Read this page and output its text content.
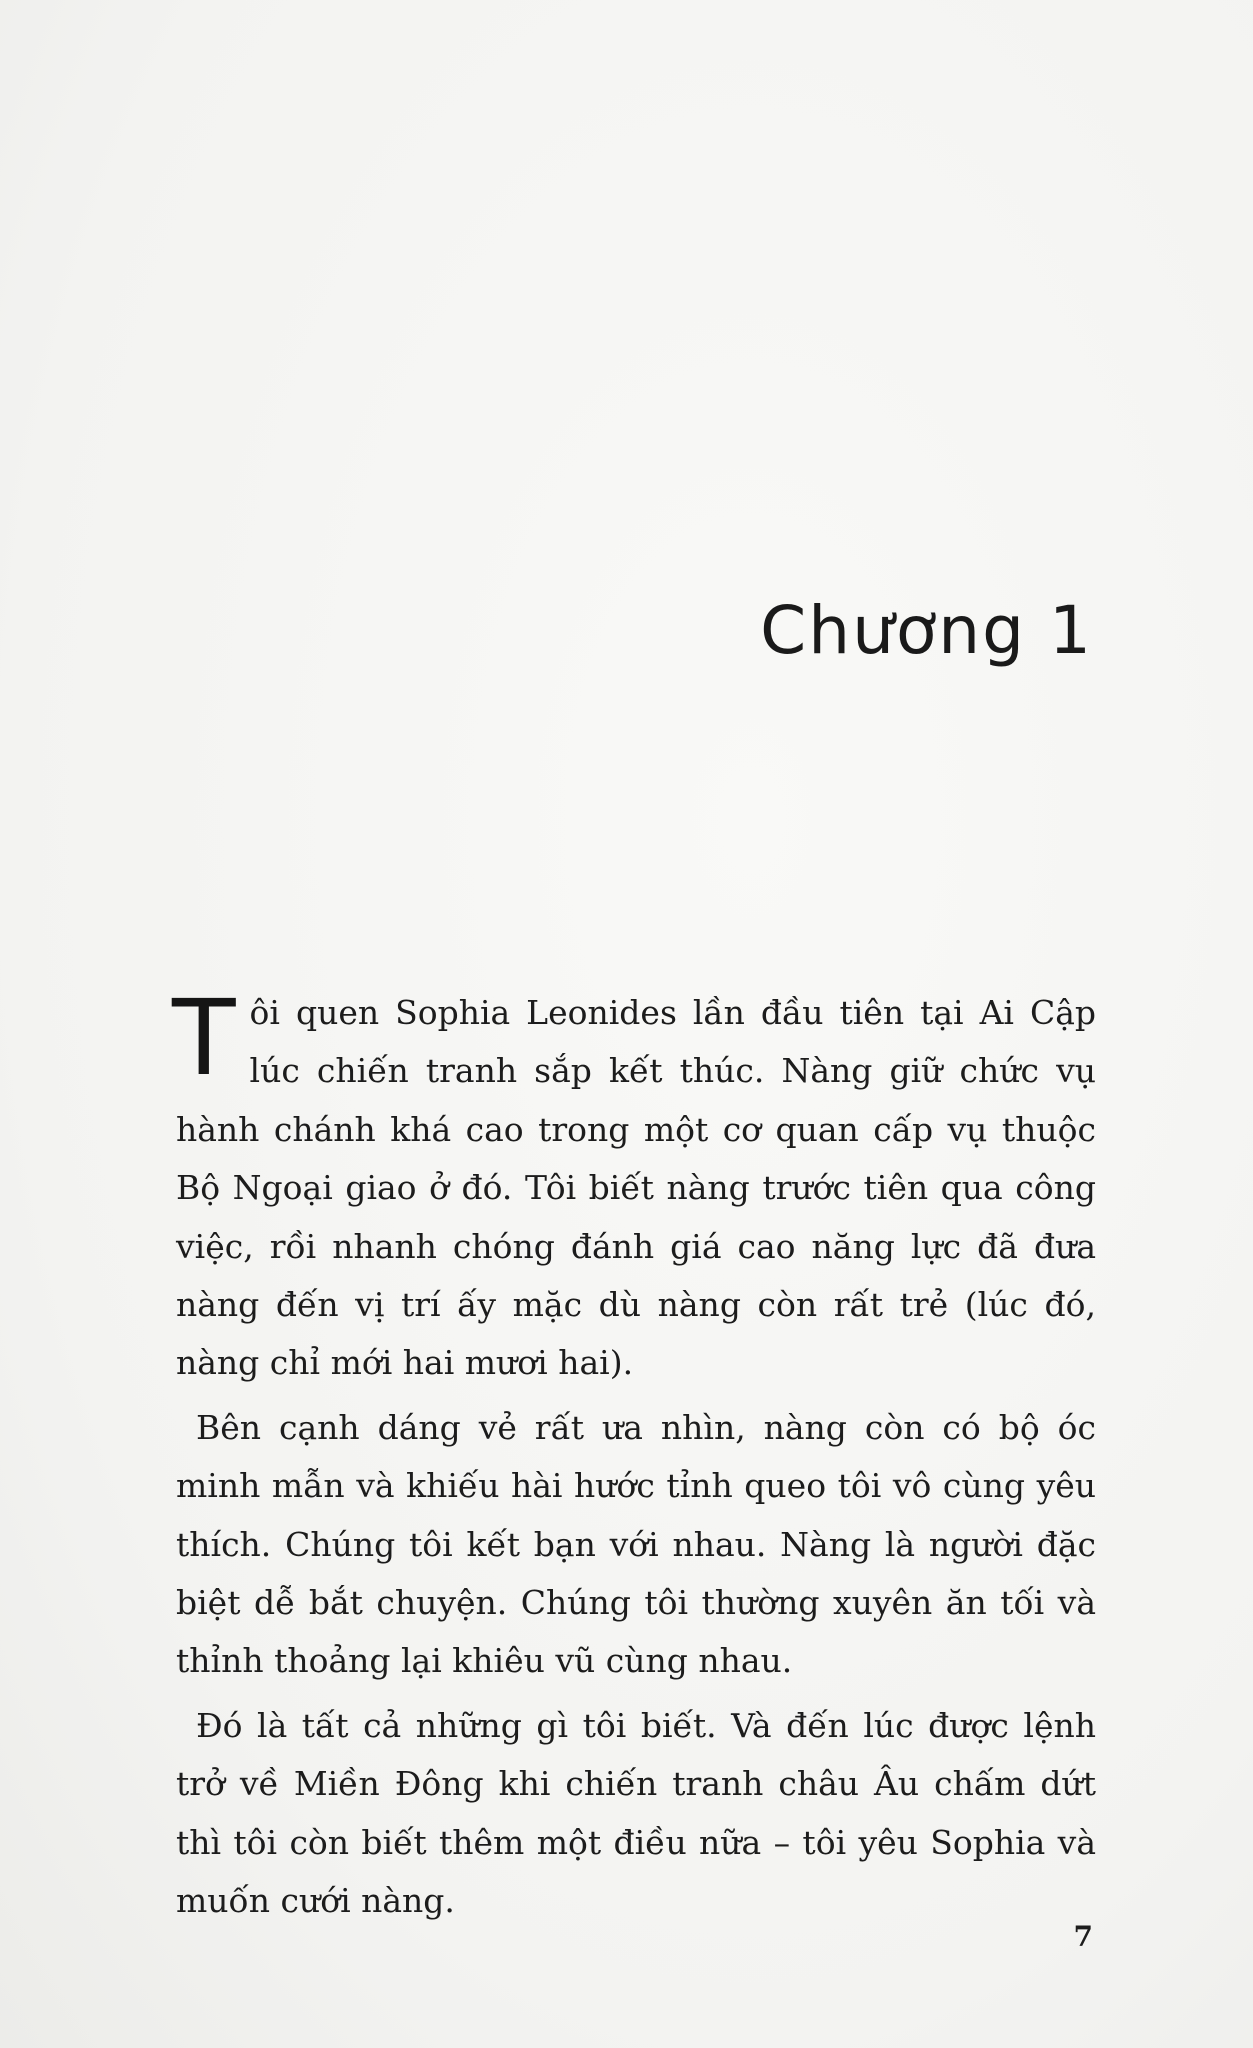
Chương 1

Tôi quen Sophia Leonides lần đầu tiên tại Ai Cập lúc chiến tranh sắp kết thúc. Nàng giữ chức vụ hành chánh khá cao trong một cơ quan cấp vụ thuộc Bộ Ngoại giao ở đó. Tôi biết nàng trước tiên qua công việc, rồi nhanh chóng đánh giá cao năng lực đã đưa nàng đến vị trí ấy mặc dù nàng còn rất trẻ (lúc đó, nàng chỉ mới hai mươi hai).

Bên cạnh dáng vẻ rất ưa nhìn, nàng còn có bộ óc minh mẫn và khiếu hài hước tỉnh queo tôi vô cùng yêu thích. Chúng tôi kết bạn với nhau. Nàng là người đặc biệt dễ bắt chuyện. Chúng tôi thường xuyên ăn tối và thỉnh thoảng lại khiêu vũ cùng nhau.

Đó là tất cả những gì tôi biết. Và đến lúc được lệnh trở về Miền Đông khi chiến tranh châu Âu chấm dứt thì tôi còn biết thêm một điều nữa – tôi yêu Sophia và muốn cưới nàng.

7
